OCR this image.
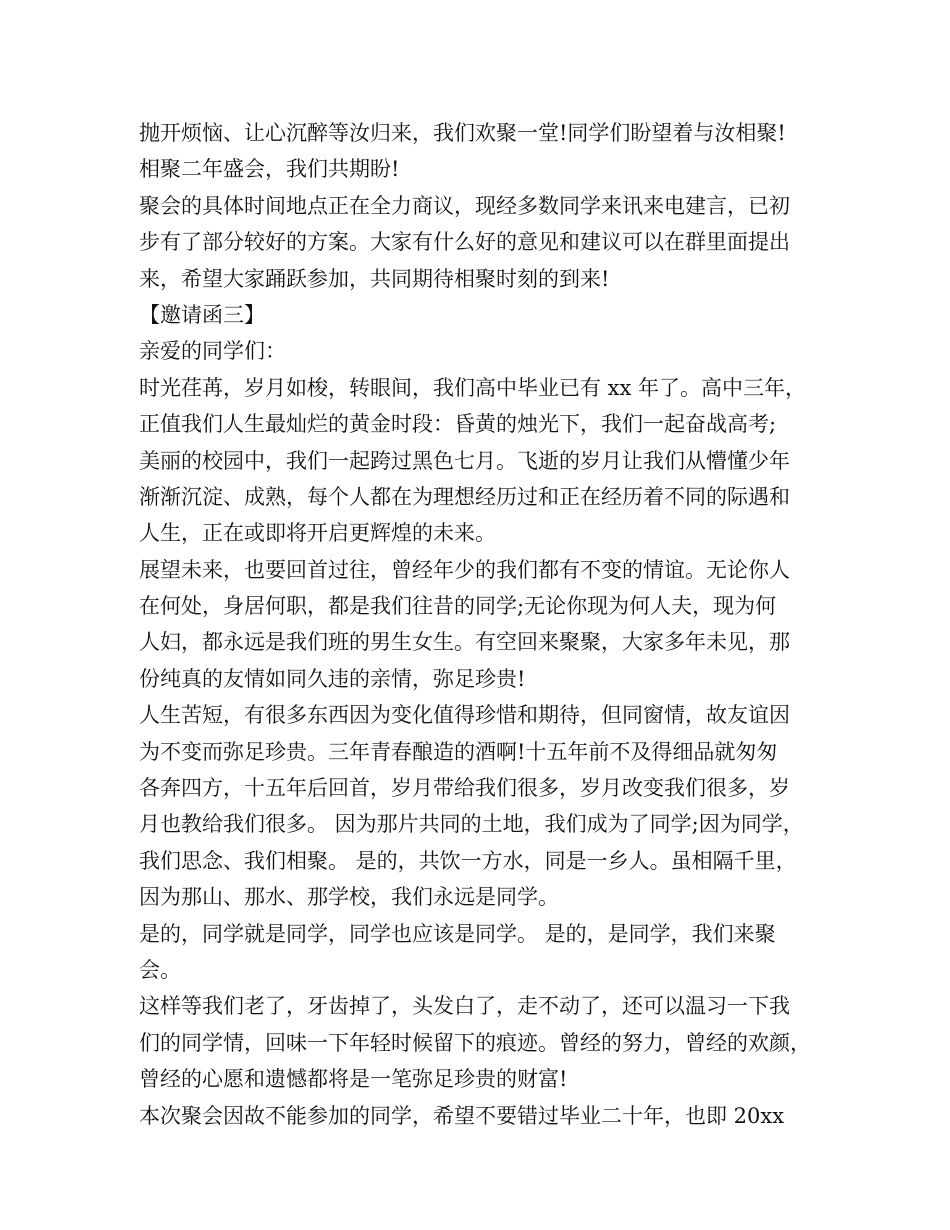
抛开烦恼、让心沉醉等汝归来，我们欢聚一堂!同学们盼望着与汝相聚!
相聚二年盛会，我们共期盼!
聚会的具体时间地点正在全力商议，现经多数同学来讯来电建言，已初
步有了部分较好的方案。大家有什么好的意见和建议可以在群里面提出
来，希望大家踊跃参加，共同期待相聚时刻的到来!
【邀请函三】
亲爱的同学们：
时光荏苒，岁月如梭，转眼间，我们高中毕业已有 xx 年了。高中三年，
正值我们人生最灿烂的黄金时段：昏黄的烛光下，我们一起奋战高考;
美丽的校园中，我们一起跨过黑色七月。飞逝的岁月让我们从懵懂少年
渐渐沉淀、成熟，每个人都在为理想经历过和正在经历着不同的际遇和
人生，正在或即将开启更辉煌的未来。
展望未来，也要回首过往，曾经年少的我们都有不变的情谊。无论你人
在何处，身居何职，都是我们往昔的同学;无论你现为何人夫，现为何
人妇，都永远是我们班的男生女生。有空回来聚聚，大家多年未见，那
份纯真的友情如同久违的亲情，弥足珍贵!
人生苦短，有很多东西因为变化值得珍惜和期待，但同窗情，故友谊因
为不变而弥足珍贵。三年青春酿造的酒啊!十五年前不及得细品就匆匆
各奔四方，十五年后回首，岁月带给我们很多，岁月改变我们很多，岁
月也教给我们很多。 因为那片共同的土地，我们成为了同学;因为同学，
我们思念、我们相聚。 是的，共饮一方水，同是一乡人。虽相隔千里，
因为那山、那水、那学校，我们永远是同学。
是的，同学就是同学，同学也应该是同学。 是的，是同学，我们来聚
会。
这样等我们老了，牙齿掉了，头发白了，走不动了，还可以温习一下我
们的同学情，回味一下年轻时候留下的痕迹。曾经的努力，曾经的欢颜，
曾经的心愿和遗憾都将是一笔弥足珍贵的财富!
本次聚会因故不能参加的同学，希望不要错过毕业二十年，也即 20xx
